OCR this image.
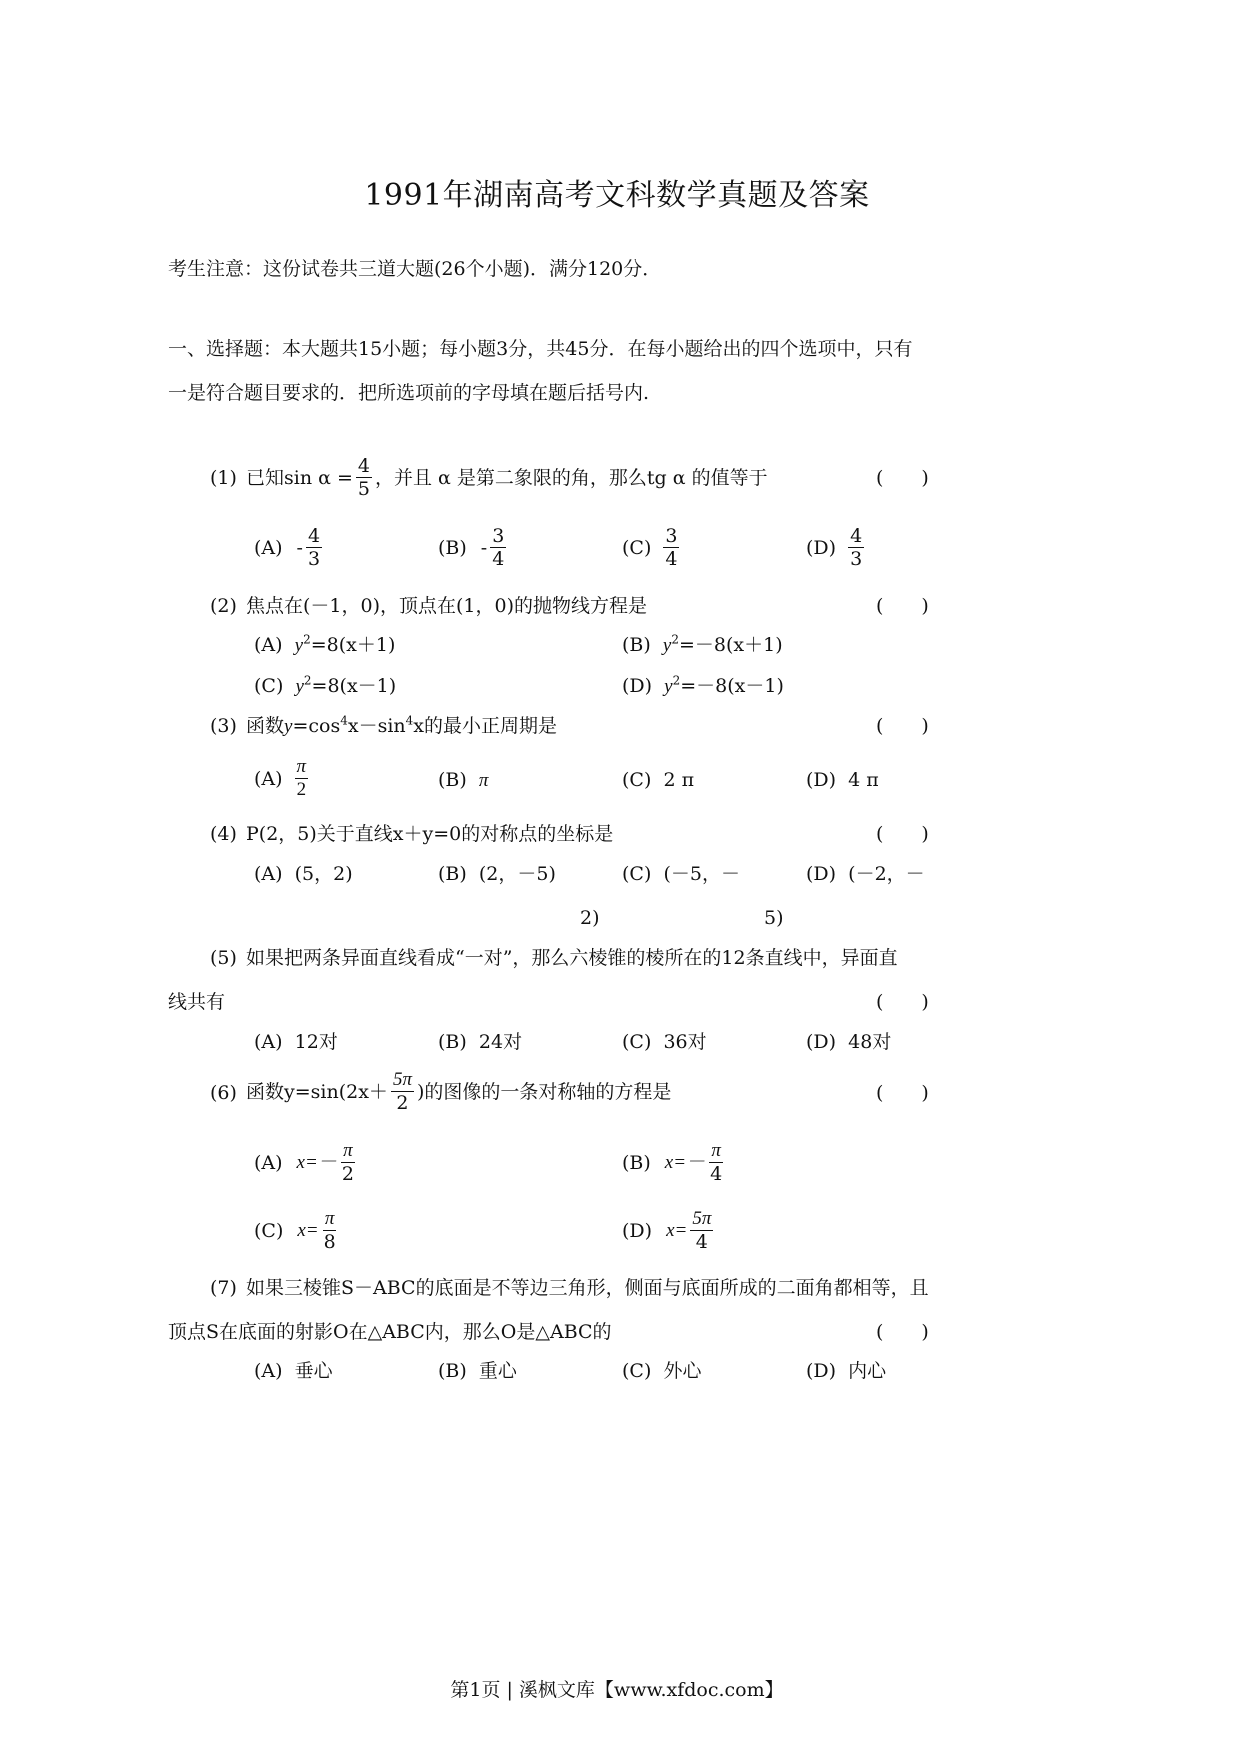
1991年湖南高考文科数学真题及答案
考生注意：这份试卷共三道大题(26个小题)．满分120分．
一、选择题：本大题共15小题；每小题3分，共45分．在每小题给出的四个选项中，只有
一是符合题目要求的．把所选项前的字母填在题后括号内.
(1) 已知$\sin \alpha = \frac{4}{5}$ ，并且 α 是第二象限的角，那么tg α 的值等于	(　　)
$(A) - \frac{4}{3}$	$(B) - \frac{3}{4}$	$(C) \frac{3}{4}$	$(D) \frac{4}{3}$
(2) 焦点在(－1，0)，顶点在(1，0)的抛物线方程是	(　　)
(A) $y^2=8(x+1)$	(B) $y^2=-8(x+1)$
(C) $y^2=8(x-1)$	(D) $y^2=-8(x-1)$
(3) 函数$y=\cos^4x-\sin^4x$的最小正周期是	(　　)
$(A) \frac{\pi}{2}$	(B) π	(C) 2 π	(D) 4 π
(4) P(2，5)关于直线x＋y=0的对称点的坐标是	(　　)
(A) (5，2)	(B) (2，－5)	(C) (－5，－	(D) (－2，－
2)	5)
(5) 如果把两条异面直线看成“一对”，那么六棱锥的棱所在的12条直线中，异面直
线共有	(　　)
(A) 12对	(B) 24对	(C) 36对	(D) 48对
(6) 函数$y=\sin(2x+ \frac{5\pi}{2}$ )的图像的一条对称轴的方程是	(　　)
(A) $x=- \frac{\pi}{2}$	(B) $x=- \frac{\pi}{4}$
(C) $x= \frac{\pi}{8}$	(D) $x= \frac{5\pi}{4}$
(7) 如果三棱锥S－ABC的底面是不等边三角形，侧面与底面所成的二面角都相等，且
顶点S在底面的射影O在△ABC内，那么O是△ABC的	(　　)
(A) 垂心	(B) 重心	(C) 外心	(D) 内心
第1页 | 溪枫文库【www.xfdoc.com】
